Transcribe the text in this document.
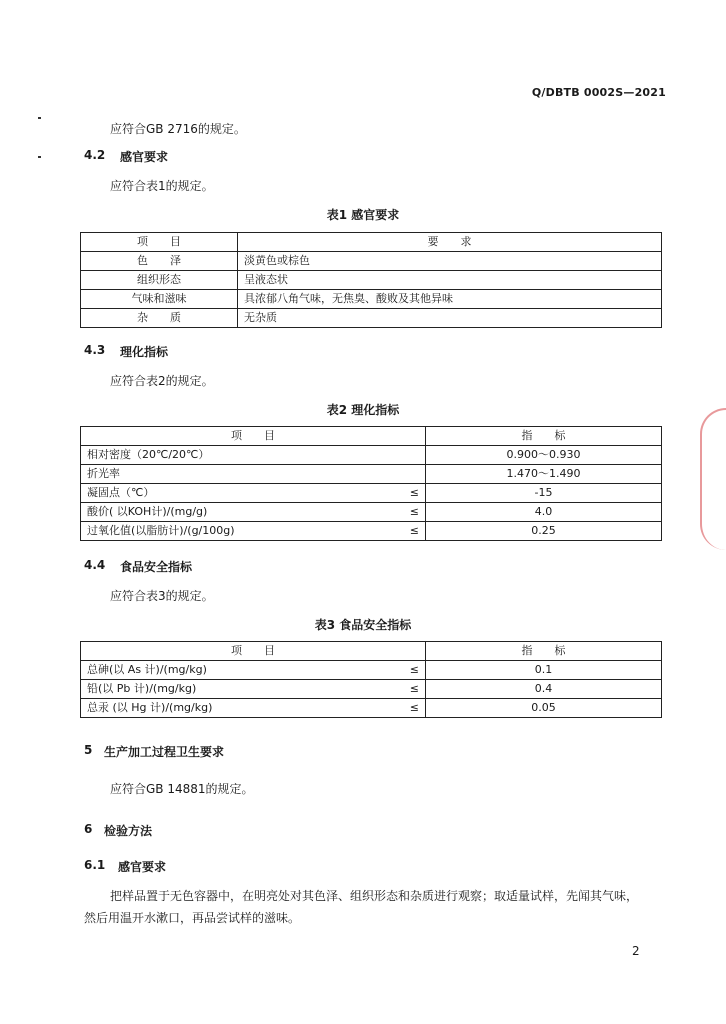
Q/DBTB 0002S—2021
应符合GB 2716的规定。
4.2 感官要求
应符合表1的规定。
表1 感官要求
项　　目	要　　求
色　　泽	淡黄色或棕色
组织形态	呈液态状
气味和滋味	具浓郁八角气味，无焦臭、酸败及其他异味
杂　　质	无杂质
4.3 理化指标
应符合表2的规定。
表2 理化指标
项　　目		指　　标
相对密度（20℃/20℃）		0.900～0.930
折光率		1.470～1.490
凝固点（℃）	≤	-15
酸价( 以KOH计)/(mg/g)	≤	4.0
过氧化值(以脂肪计)/(g/100g)	≤	0.25
4.4 食品安全指标
应符合表3的规定。
表3 食品安全指标
项　　目		指　　标
总砷(以 As 计)/(mg/kg)	≤	0.1
铅(以 Pb 计)/(mg/kg)	≤	0.4
总汞 (以 Hg 计)/(mg/kg)	≤	0.05
5 生产加工过程卫生要求
应符合GB 14881的规定。
6 检验方法
6.1 感官要求
把样品置于无色容器中，在明亮处对其色泽、组织形态和杂质进行观察；取适量试样，先闻其气味，
然后用温开水漱口，再品尝试样的滋味。
2
